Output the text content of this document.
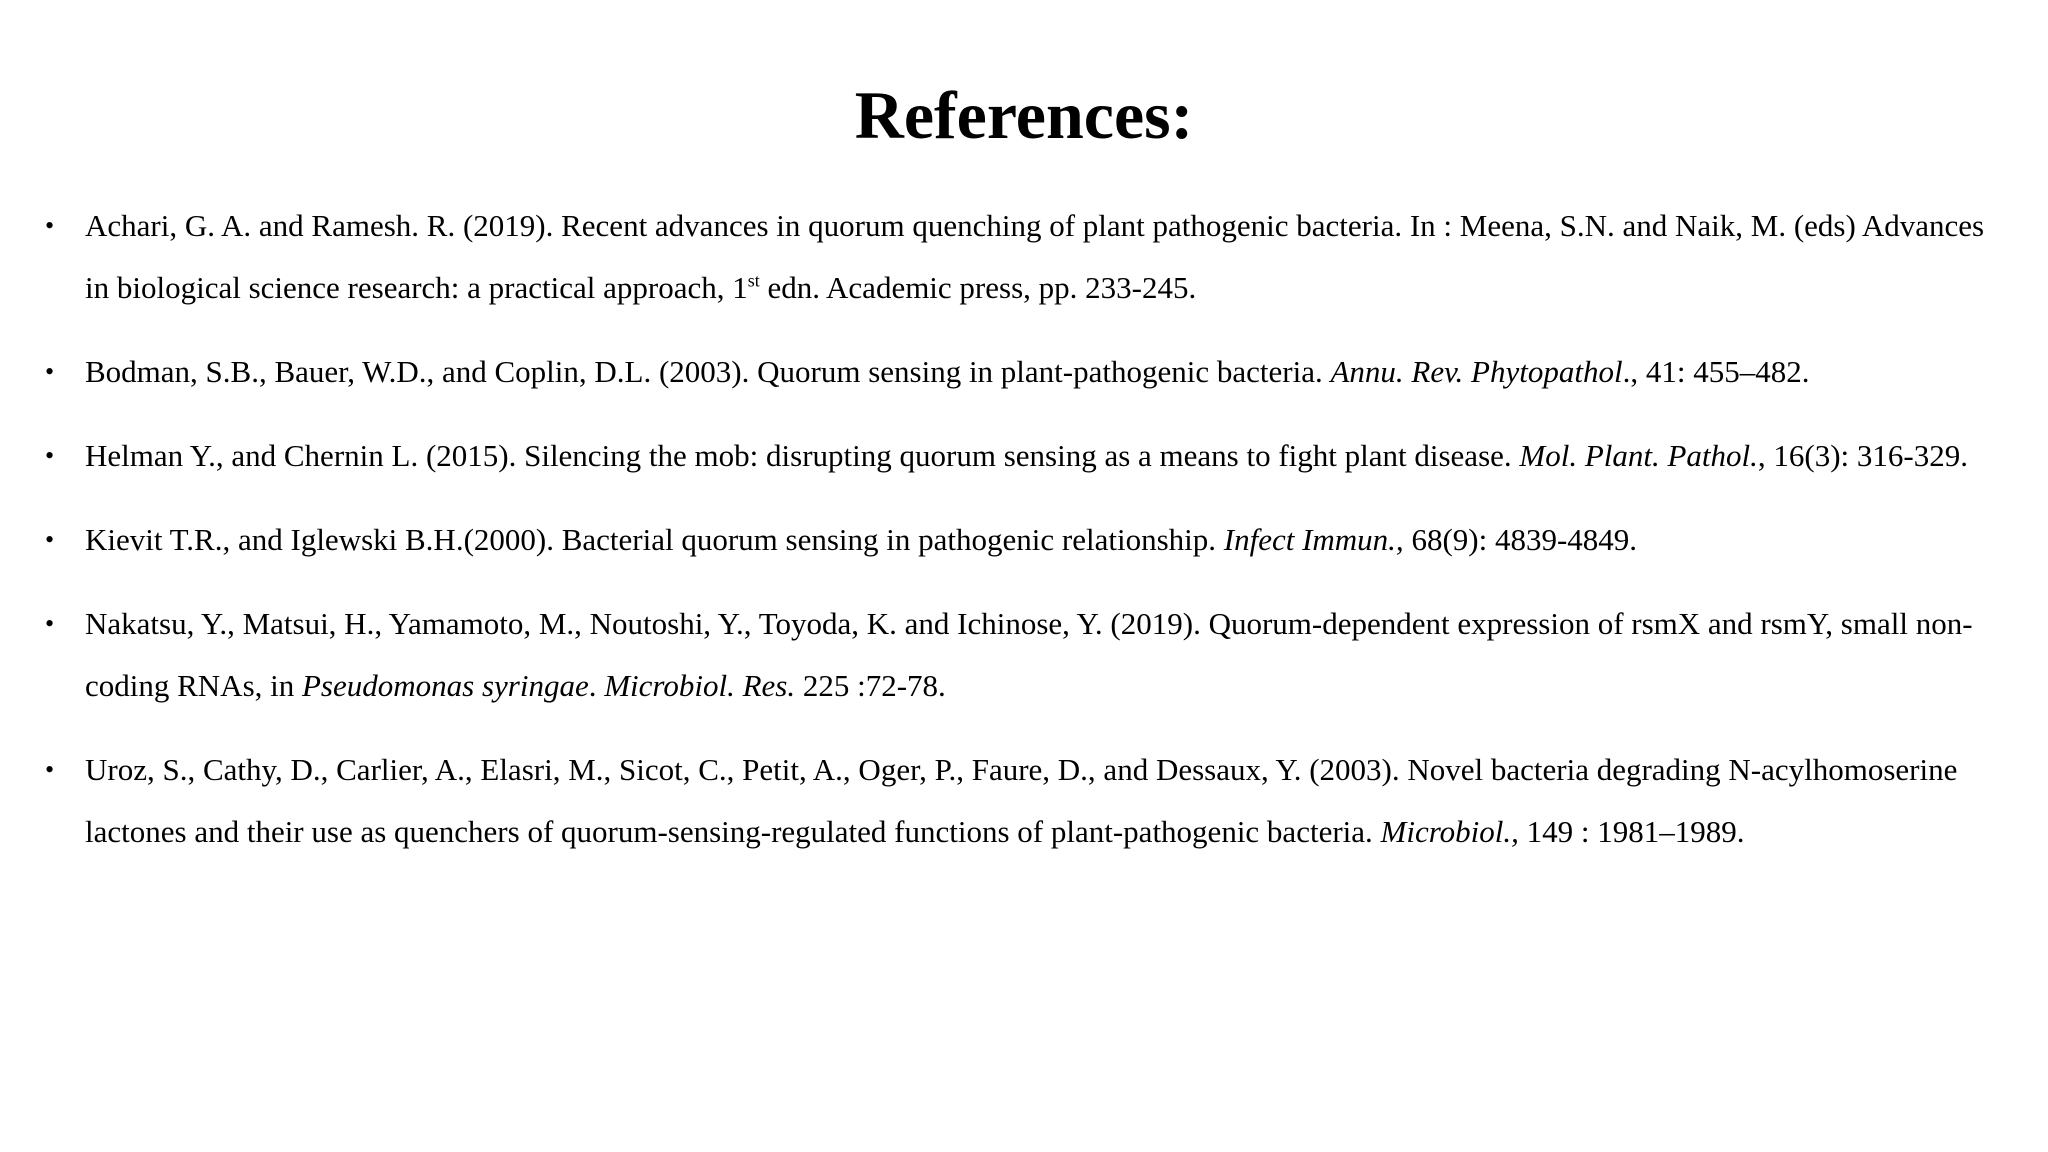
References:
• Achari, G. A. and Ramesh. R. (2019). Recent advances in quorum quenching of plant pathogenic bacteria. In : Meena, S.N. and Naik, M. (eds) Advances in biological science research: a practical approach, 1st edn. Academic press, pp. 233-245.
• Bodman, S.B., Bauer, W.D., and Coplin, D.L. (2003). Quorum sensing in plant-pathogenic bacteria. Annu. Rev. Phytopathol., 41: 455–482.
• Helman Y., and Chernin L. (2015). Silencing the mob: disrupting quorum sensing as a means to fight plant disease. Mol. Plant. Pathol., 16(3): 316-329.
• Kievit T.R., and Iglewski B.H.(2000). Bacterial quorum sensing in pathogenic relationship. Infect Immun., 68(9): 4839-4849.
• Nakatsu, Y., Matsui, H., Yamamoto, M., Noutoshi, Y., Toyoda, K. and Ichinose, Y. (2019). Quorum-dependent expression of rsmX and rsmY, small non-coding RNAs, in Pseudomonas syringae. Microbiol. Res. 225 :72-78.
• Uroz, S., Cathy, D., Carlier, A., Elasri, M., Sicot, C., Petit, A., Oger, P., Faure, D., and Dessaux, Y. (2003). Novel bacteria degrading N-acylhomoserine lactones and their use as quenchers of quorum-sensing-regulated functions of plant-pathogenic bacteria. Microbiol., 149 : 1981–1989.
